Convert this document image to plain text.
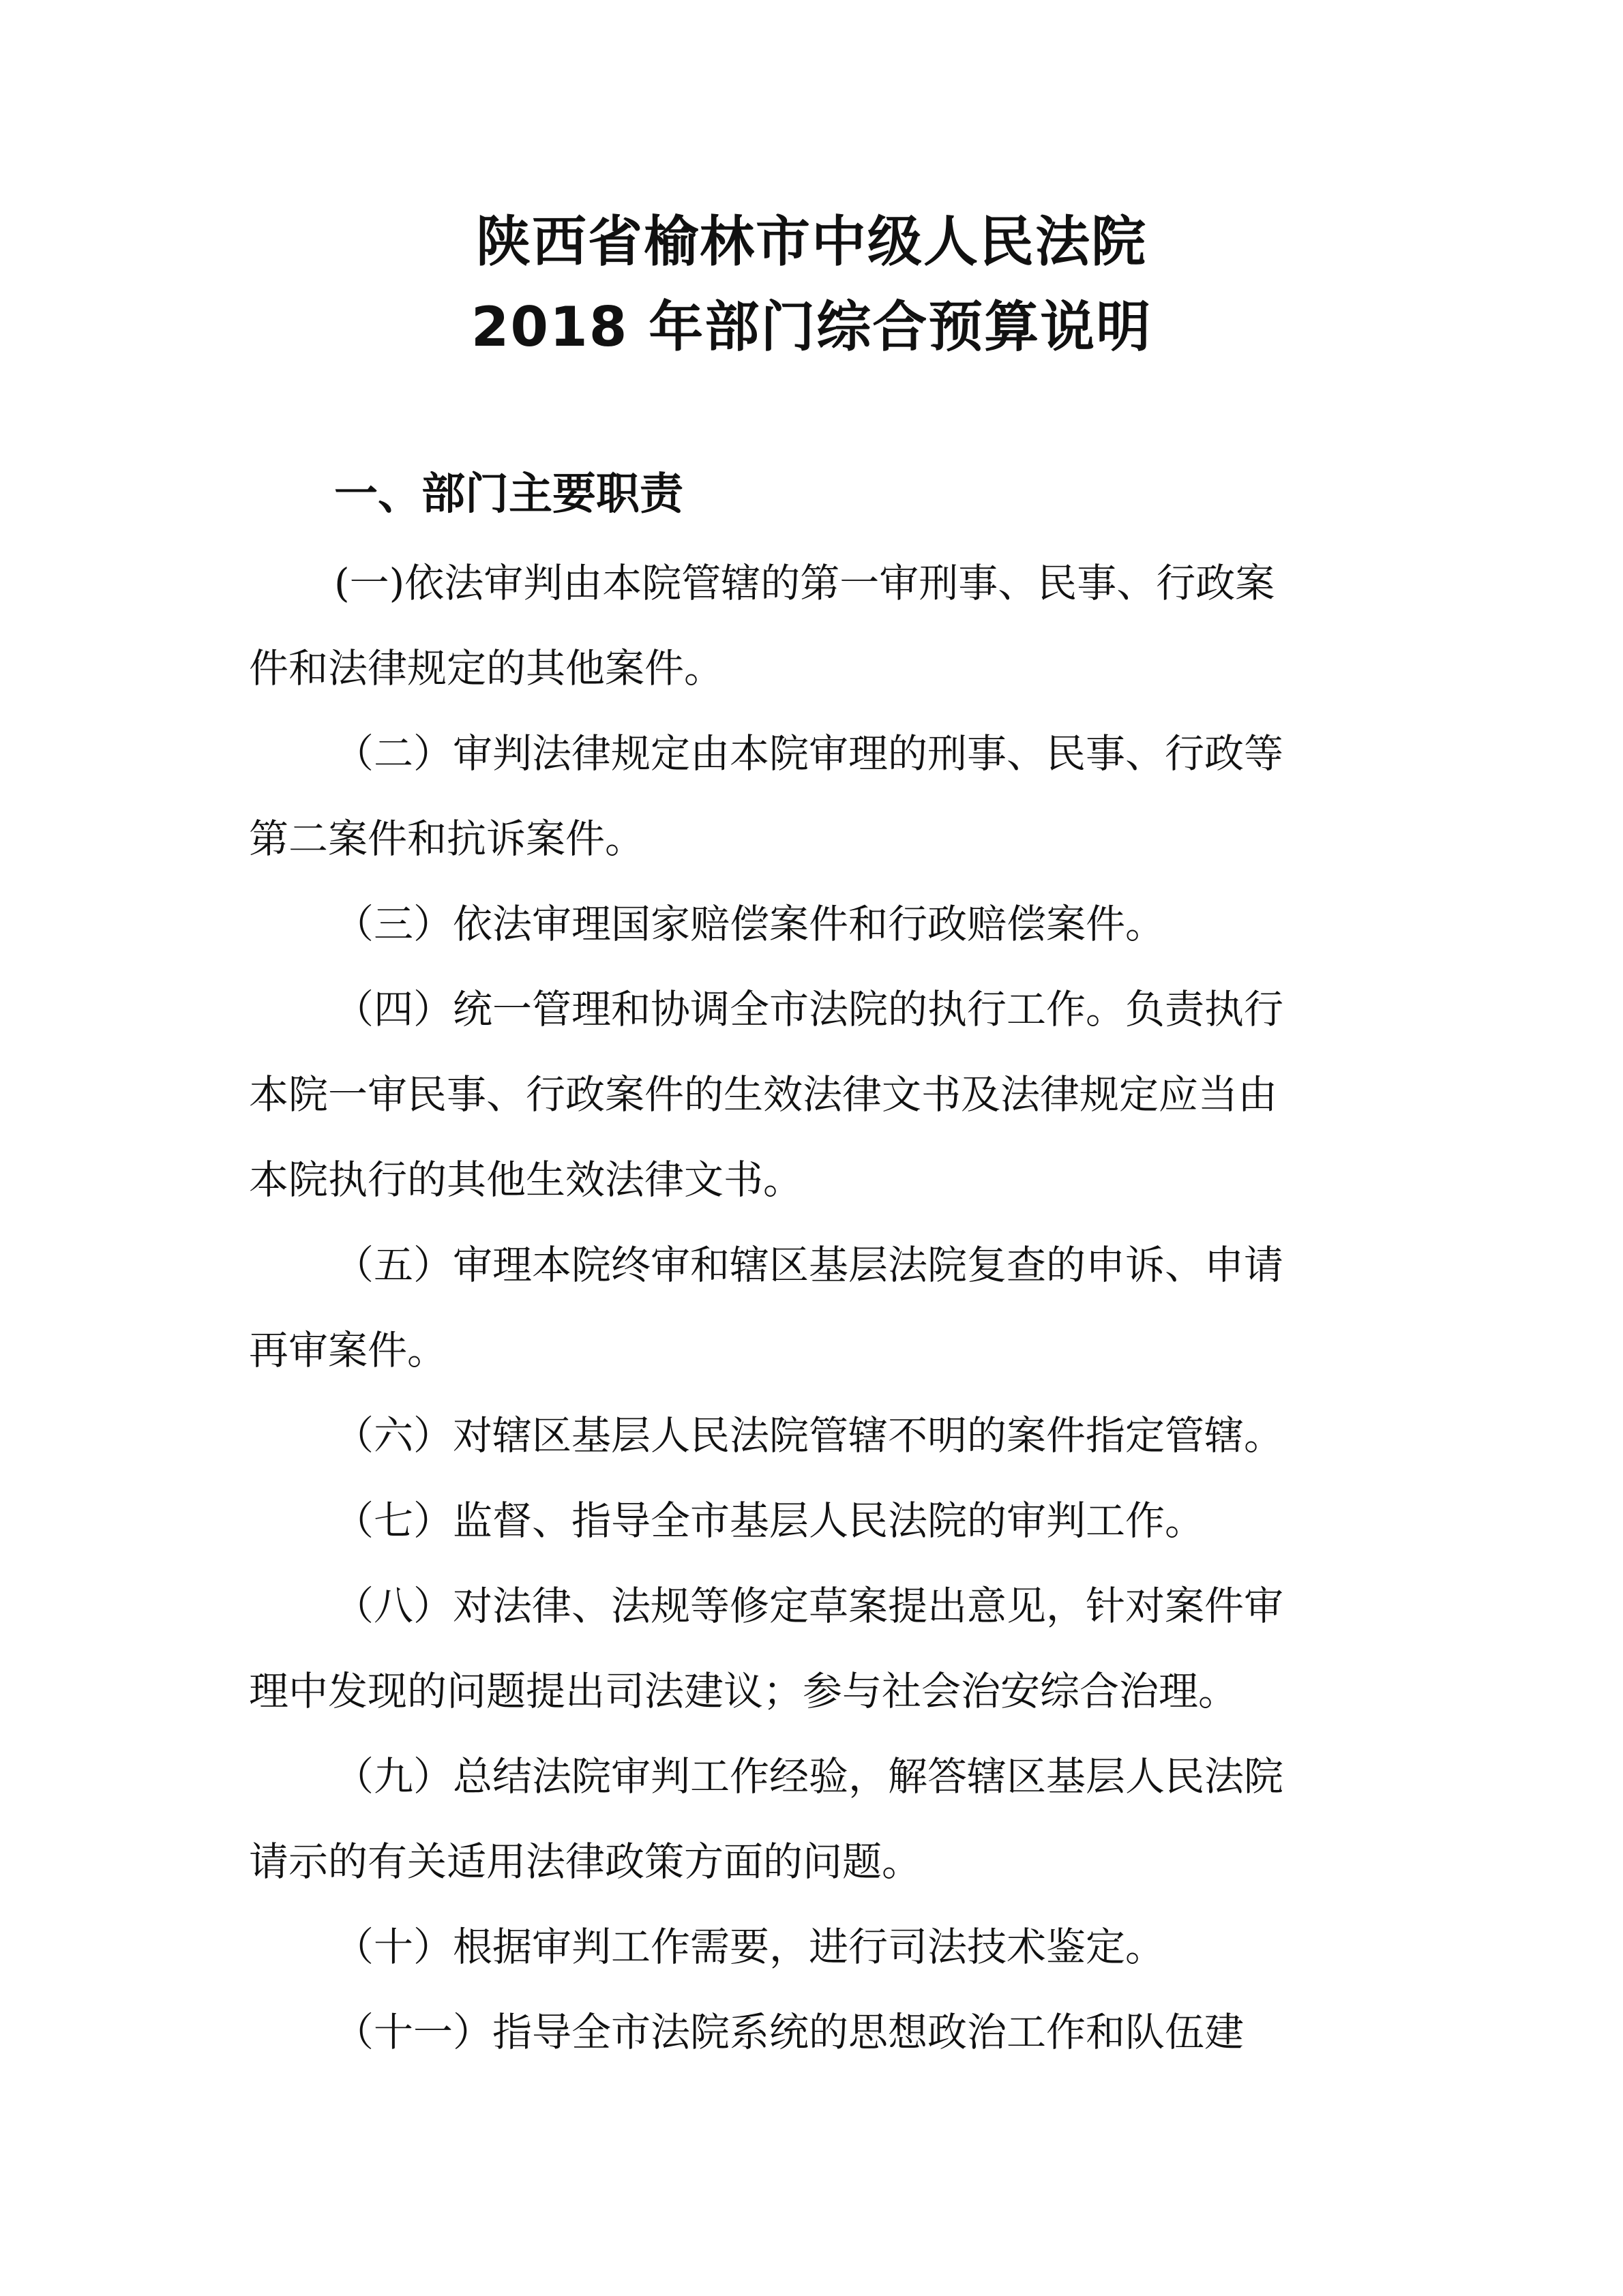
陕西省榆林市中级人民法院
2018 年部门综合预算说明
一、部门主要职责
(一)依法审判由本院管辖的第一审刑事、民事、行政案
件和法律规定的其他案件。
（二）审判法律规定由本院审理的刑事、民事、行政等
第二案件和抗诉案件。
（三）依法审理国家赔偿案件和行政赔偿案件。
（四）统一管理和协调全市法院的执行工作。负责执行
本院一审民事、行政案件的生效法律文书及法律规定应当由
本院执行的其他生效法律文书。
（五）审理本院终审和辖区基层法院复查的申诉、申请
再审案件。
（六）对辖区基层人民法院管辖不明的案件指定管辖。
（七）监督、指导全市基层人民法院的审判工作。
（八）对法律、法规等修定草案提出意见，针对案件审
理中发现的问题提出司法建议；参与社会治安综合治理。
（九）总结法院审判工作经验，解答辖区基层人民法院
请示的有关适用法律政策方面的问题。
（十）根据审判工作需要，进行司法技术鉴定。
（十一）指导全市法院系统的思想政治工作和队伍建
